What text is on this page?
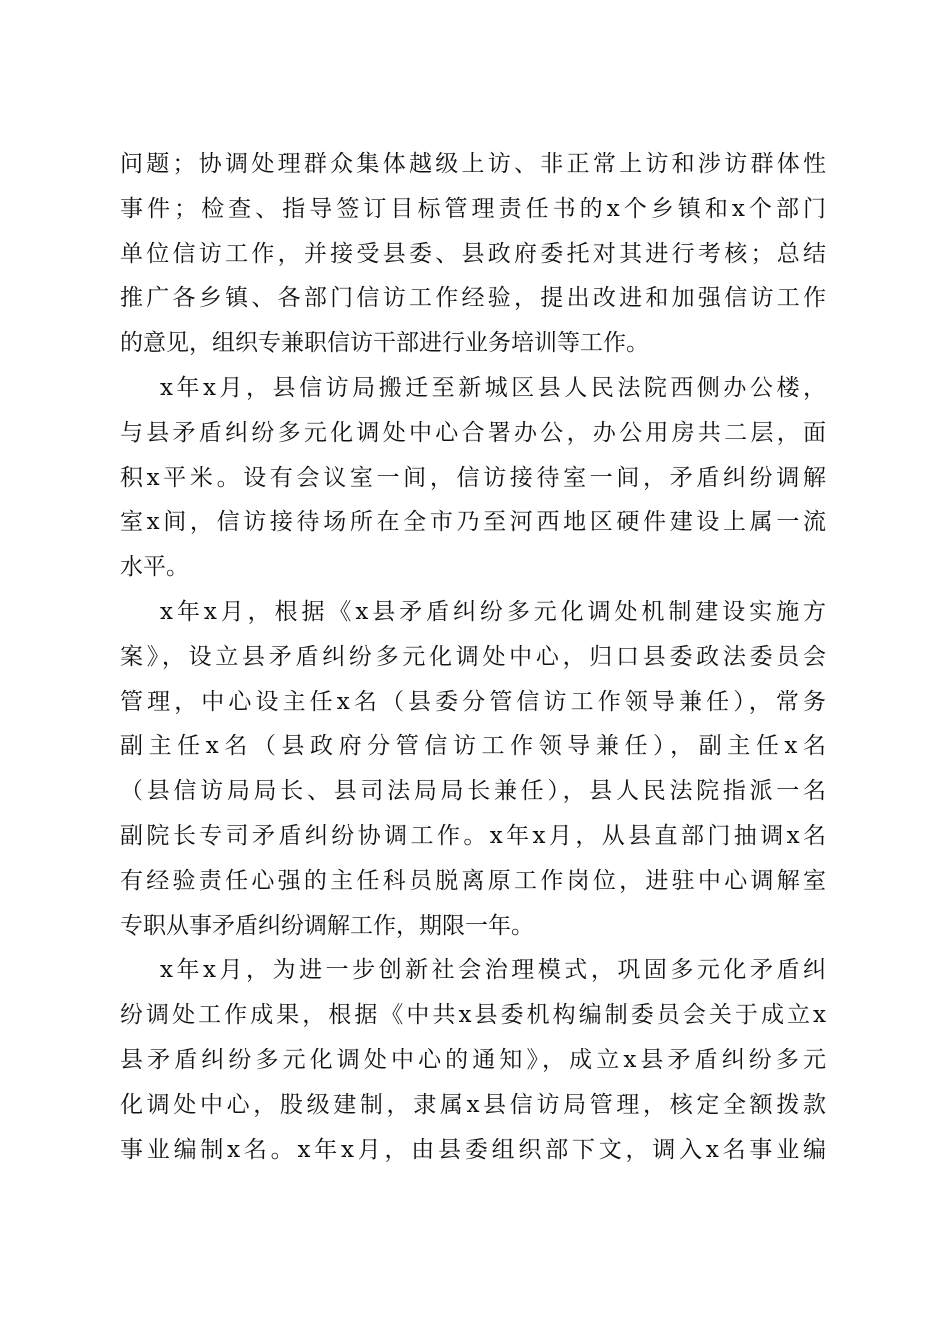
问题；协调处理群众集体越级上访、非正常上访和涉访群体性
事件；检查、指导签订目标管理责任书的x个乡镇和x个部门
单位信访工作，并接受县委、县政府委托对其进行考核；总结
推广各乡镇、各部门信访工作经验，提出改进和加强信访工作
的意见，组织专兼职信访干部进行业务培训等工作。
x年x月，县信访局搬迁至新城区县人民法院西侧办公楼，
与县矛盾纠纷多元化调处中心合署办公，办公用房共二层，面
积x平米。设有会议室一间，信访接待室一间，矛盾纠纷调解
室x间，信访接待场所在全市乃至河西地区硬件建设上属一流
水平。
x年x月，根据《x县矛盾纠纷多元化调处机制建设实施方
案》，设立县矛盾纠纷多元化调处中心，归口县委政法委员会
管理，中心设主任x名（县委分管信访工作领导兼任），常务
副主任x名（县政府分管信访工作领导兼任），副主任x名
（县信访局局长、县司法局局长兼任），县人民法院指派一名
副院长专司矛盾纠纷协调工作。x年x月，从县直部门抽调x名
有经验责任心强的主任科员脱离原工作岗位，进驻中心调解室
专职从事矛盾纠纷调解工作，期限一年。
x年x月，为进一步创新社会治理模式，巩固多元化矛盾纠
纷调处工作成果，根据《中共x县委机构编制委员会关于成立x
县矛盾纠纷多元化调处中心的通知》，成立x县矛盾纠纷多元
化调处中心，股级建制，隶属x县信访局管理，核定全额拨款
事业编制x名。x年x月，由县委组织部下文，调入x名事业编
